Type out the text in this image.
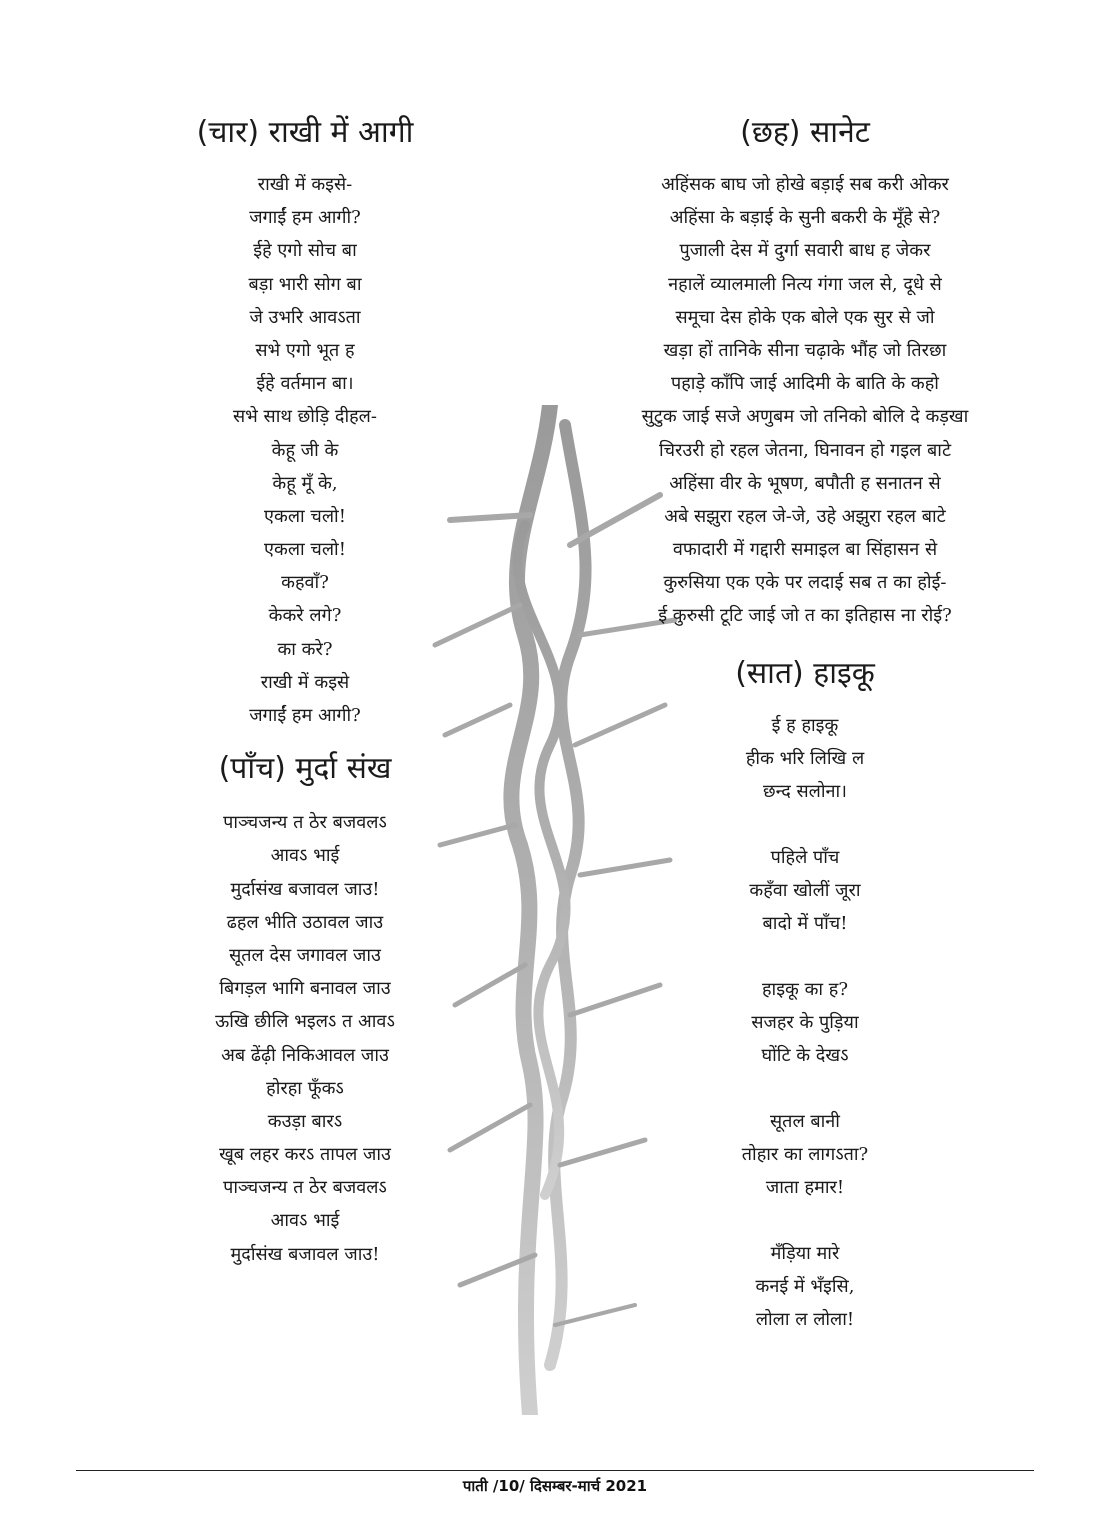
(चार) राखी में आगी
राखी में कइसे-
जगाईं हम आगी?
ईहे एगो सोच बा
बड़ा भारी सोग बा
जे उभरि आवऽता
सभे एगो भूत ह
ईहे वर्तमान बा।
सभे साथ छोड़ि दीहल-
केहू जी के
केहू मूँ के,
एकला चलो!
एकला चलो!
कहवाँ?
केकरे लगे?
का करे?
राखी में कइसे
जगाईं हम आगी?
(पाँच) मुर्दा संख
पाञ्चजन्य त ठेर बजवलऽ
आवऽ भाई
मुर्दासंख बजावल जाउ!
ढहल भीति उठावल जाउ
सूतल देस जगावल जाउ
बिगड़ल भागि बनावल जाउ
ऊखि छीलि भइलऽ त आवऽ
अब ढेंढ़ी निकिआवल जाउ
होरहा फूँकऽ
कउड़ा बारऽ
खूब लहर करऽ तापल जाउ
पाञ्चजन्य त ठेर बजवलऽ
आवऽ भाई
मुर्दासंख बजावल जाउ!
(छह) सानेट
अहिंसक बाघ जो होखे बड़ाई सब करी ओकर
अहिंसा के बड़ाई के सुनी बकरी के मूँहे से?
पुजाली देस में दुर्गा सवारी बाध ह जेकर
नहालें व्यालमाली नित्य गंगा जल से, दूधे से
समूचा देस होके एक बोले एक सुर से जो
खड़ा हों तानिके सीना चढ़ाके भौंह जो तिरछा
पहाड़े काँपि जाई आदिमी के बाति के कहो
सुटुक जाई सजे अणुबम जो तनिको बोलि दे कड़खा
चिरउरी हो रहल जेतना, घिनावन हो गइल बाटे
अहिंसा वीर के भूषण, बपौती ह सनातन से
अबे सझुरा रहल जे-जे, उहे अझुरा रहल बाटे
वफादारी में गद्दारी समाइल बा सिंहासन से
कुरुसिया एक एके पर लदाई सब त का होई-
ई कुरुसी टूटि जाई जो त का इतिहास ना रोई?
(सात) हाइकू
ई ह हाइकू
हीक भरि लिखि ल
छन्द सलोना।
पहिले पाँच
कहँवा खोलीं जूरा
बादो में पाँच!
हाइकू का ह?
सजहर के पुड़िया
घोंटि के देखऽ
सूतल बानी
तोहार का लागऽता?
जाता हमार!
मँड़िया मारे
कनई में भँइसि,
लोला ल लोला!
पाती /10/ दिसम्बर-मार्च 2021
